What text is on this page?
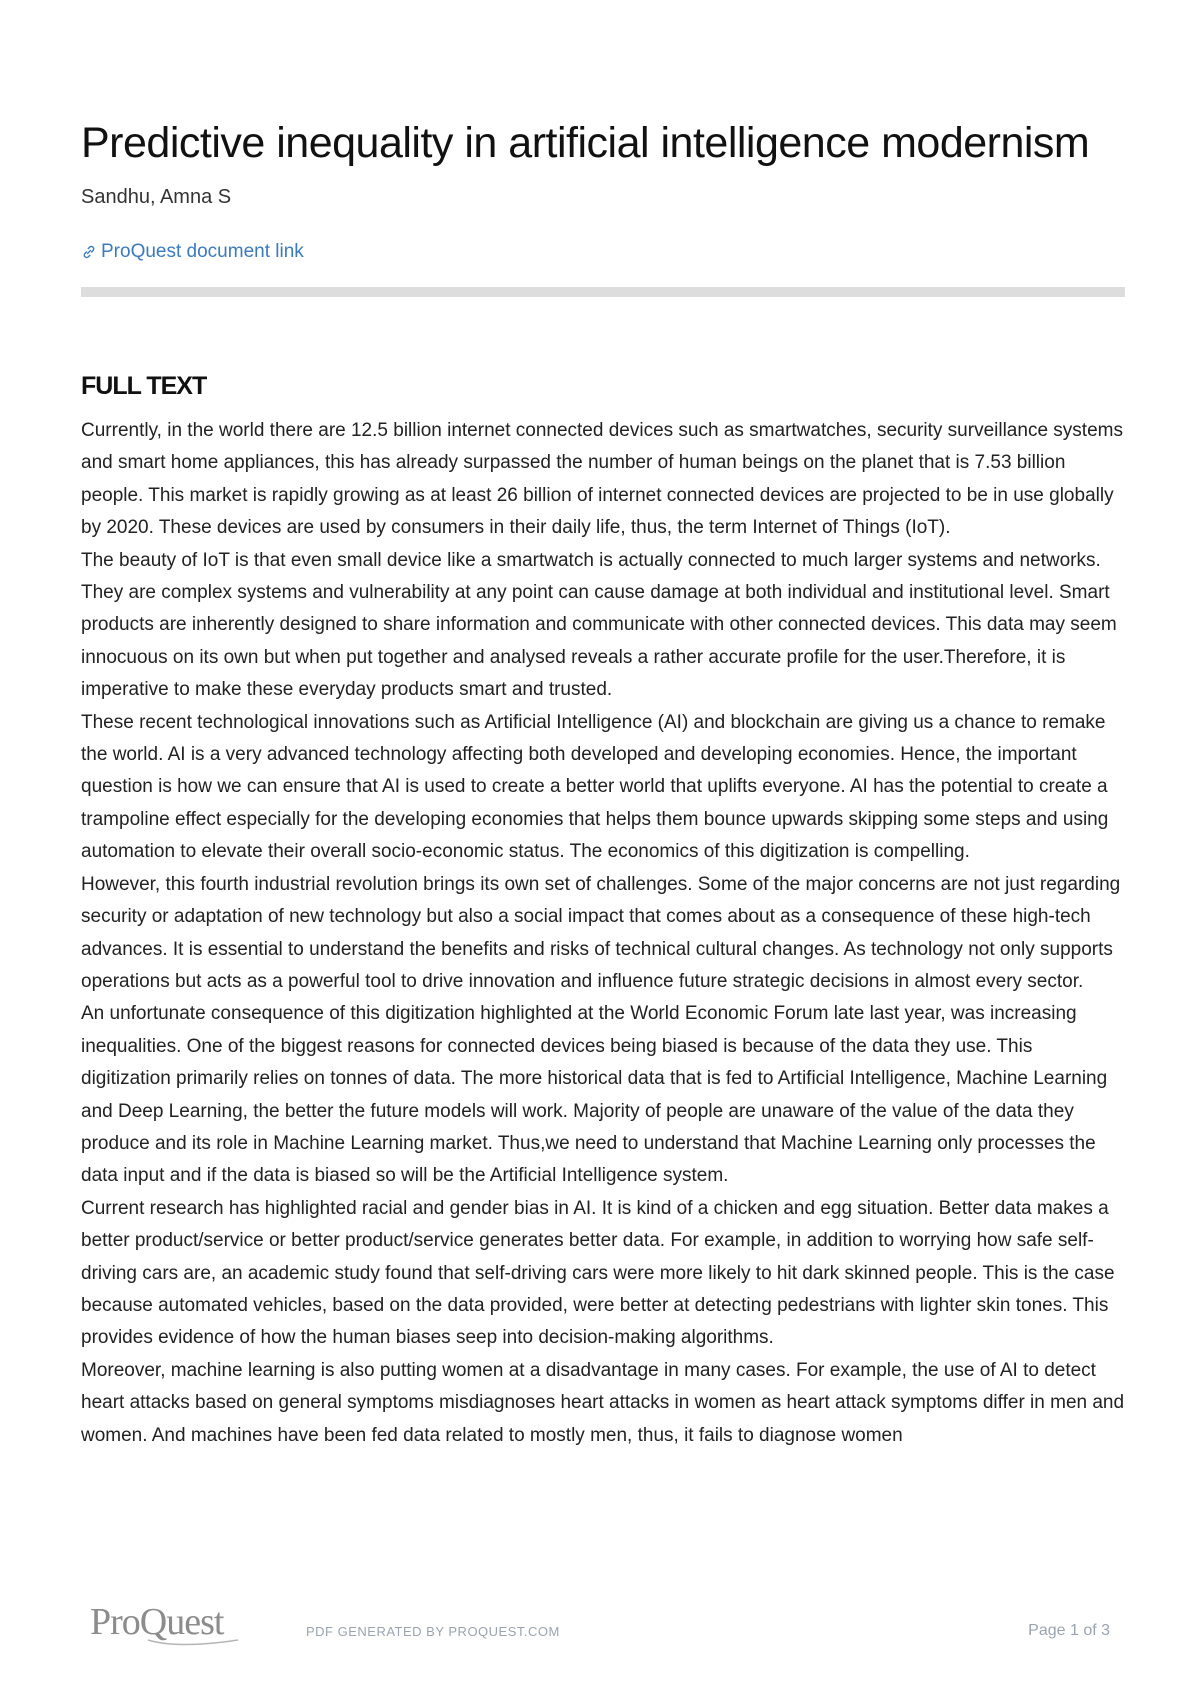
Predictive inequality in artificial intelligence modernism
Sandhu, Amna S
ProQuest document link
FULL TEXT

Currently, in the world there are 12.5 billion internet connected devices such as smartwatches, security surveillance systems and smart home appliances, this has already surpassed the number of human beings on the planet that is 7.53 billion people. This market is rapidly growing as at least 26 billion of internet connected devices are projected to be in use globally by 2020. These devices are used by consumers in their daily life, thus, the term Internet of Things (IoT).

The beauty of IoT is that even small device like a smartwatch is actually connected to much larger systems and networks. They are complex systems and vulnerability at any point can cause damage at both individual and institutional level. Smart products are inherently designed to share information and communicate with other connected devices. This data may seem innocuous on its own but when put together and analysed reveals a rather accurate profile for the user.Therefore, it is imperative to make these everyday products smart and trusted.

These recent technological innovations such as Artificial Intelligence (AI) and blockchain are giving us a chance to remake the world. AI is a very advanced technology affecting both developed and developing economies. Hence, the important question is how we can ensure that AI is used to create a better world that uplifts everyone. AI has the potential to create a trampoline effect especially for the developing economies that helps them bounce upwards skipping some steps and using automation to elevate their overall socio-economic status. The economics of this digitization is compelling.

However, this fourth industrial revolution brings its own set of challenges. Some of the major concerns are not just regarding security or adaptation of new technology but also a social impact that comes about as a consequence of these high-tech advances. It is essential to understand the benefits and risks of technical cultural changes. As technology not only supports operations but acts as a powerful tool to drive innovation and influence future strategic decisions in almost every sector.

An unfortunate consequence of this digitization highlighted at the World Economic Forum late last year, was increasing inequalities. One of the biggest reasons for connected devices being biased is because of the data they use. This digitization primarily relies on tonnes of data. The more historical data that is fed to Artificial Intelligence, Machine Learning and Deep Learning, the better the future models will work. Majority of people are unaware of the value of the data they produce and its role in Machine Learning market. Thus,we need to understand that Machine Learning only processes the data input and if the data is biased so will be the Artificial Intelligence system.

Current research has highlighted racial and gender bias in AI. It is kind of a chicken and egg situation. Better data makes a better product/service or better product/service generates better data. For example, in addition to worrying how safe self-driving cars are, an academic study found that self-driving cars were more likely to hit dark skinned people. This is the case because automated vehicles, based on the data provided, were better at detecting pedestrians with lighter skin tones. This provides evidence of how the human biases seep into decision-making algorithms.

Moreover, machine learning is also putting women at a disadvantage in many cases. For example, the use of AI to detect heart attacks based on general symptoms misdiagnoses heart attacks in women as heart attack symptoms differ in men and women. And machines have been fed data related to mostly men, thus, it fails to diagnose women

ProQuest	PDF GENERATED BY PROQUEST.COM	Page 1 of 3
